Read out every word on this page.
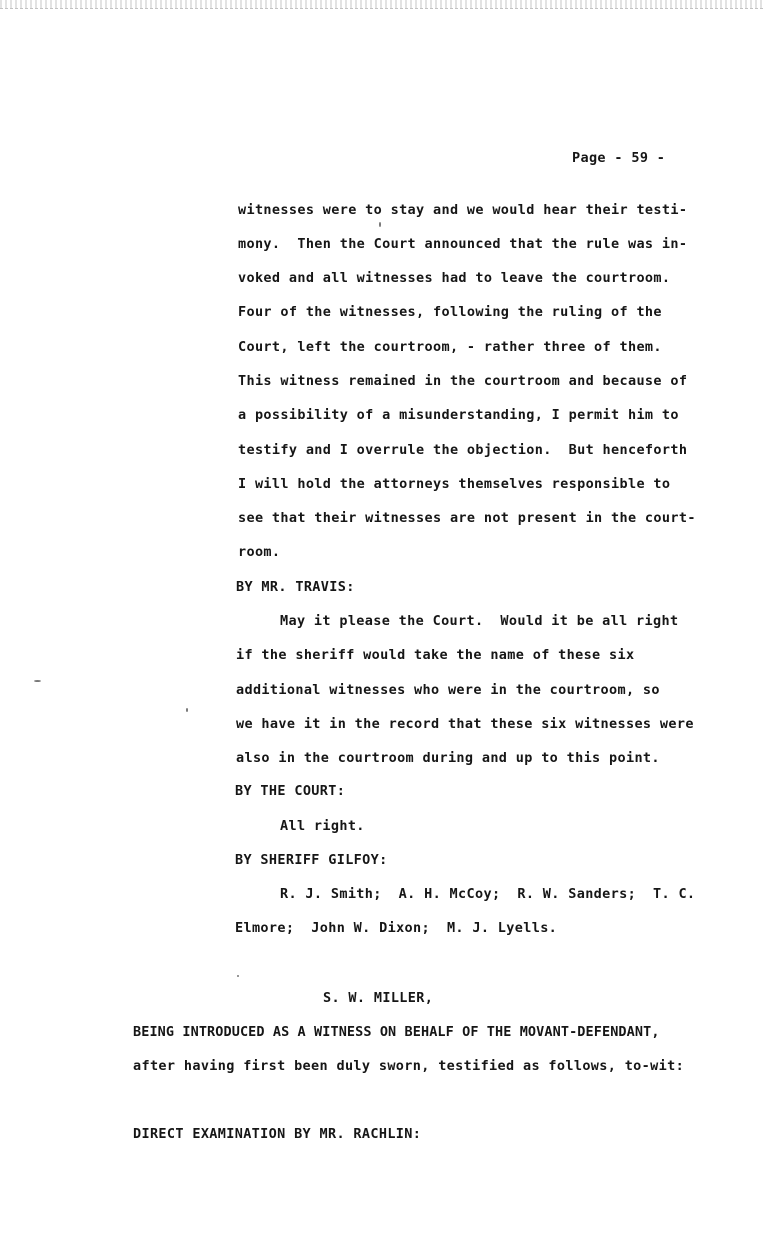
Page - 59 -
witnesses were to stay and we would hear their testi-
mony.  Then the Court announced that the rule was in-
voked and all witnesses had to leave the courtroom.
Four of the witnesses, following the ruling of the
Court, left the courtroom, - rather three of them.
This witness remained in the courtroom and because of
a possibility of a misunderstanding, I permit him to
testify and I overrule the objection.  But henceforth
I will hold the attorneys themselves responsible to
see that their witnesses are not present in the court-
room.
BY MR. TRAVIS:
May it please the Court.  Would it be all right
if the sheriff would take the name of these six
additional witnesses who were in the courtroom, so
we have it in the record that these six witnesses were
also in the courtroom during and up to this point.
BY THE COURT:
All right.
BY SHERIFF GILFOY:
R. J. Smith;  A. H. McCoy;  R. W. Sanders;  T. C.
Elmore;  John W. Dixon;  M. J. Lyells.
S. W. MILLER,
BEING INTRODUCED AS A WITNESS ON BEHALF OF THE MOVANT-DEFENDANT,
after having first been duly sworn, testified as follows, to-wit:
DIRECT EXAMINATION BY MR. RACHLIN:
